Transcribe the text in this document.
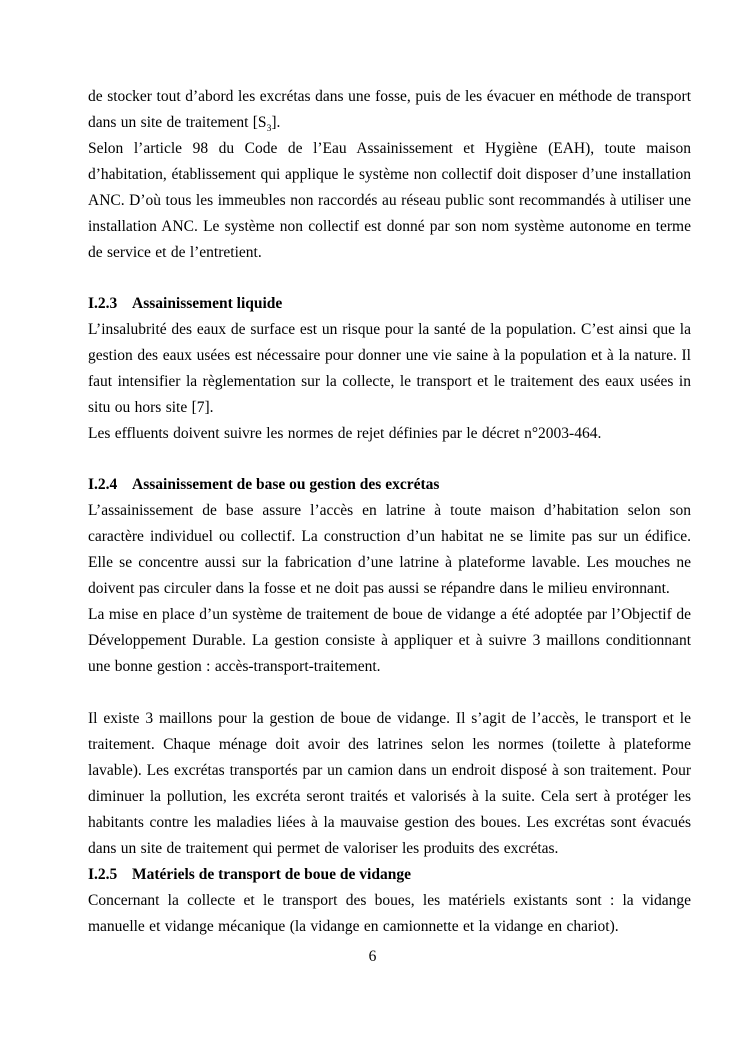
de stocker tout d’abord les excrétas dans une fosse, puis de les évacuer en méthode de transport dans un site de traitement $[S_3]$.

Selon l’article 98 du Code de l’Eau Assainissement et Hygiène (EAH), toute maison d’habitation, établissement qui applique le système non collectif doit disposer d’une installation ANC. D’où tous les immeubles non raccordés au réseau public sont recommandés à utiliser une installation ANC. Le système non collectif est donné par son nom système autonome en terme de service et de l’entretient.

I.2.3 Assainissement liquide

L’insalubrité des eaux de surface est un risque pour la santé de la population. C’est ainsi que la gestion des eaux usées est nécessaire pour donner une vie saine à la population et à la nature. Il faut intensifier la règlementation sur la collecte, le transport et le traitement des eaux usées in situ ou hors site [7].

Les effluents doivent suivre les normes de rejet définies par le décret n°2003-464.

I.2.4 Assainissement de base ou gestion des excrétas

L’assainissement de base assure l’accès en latrine à toute maison d’habitation selon son caractère individuel ou collectif. La construction d’un habitat ne se limite pas sur un édifice. Elle se concentre aussi sur la fabrication d’une latrine à plateforme lavable. Les mouches ne doivent pas circuler dans la fosse et ne doit pas aussi se répandre dans le milieu environnant.

La mise en place d’un système de traitement de boue de vidange a été adoptée par l’Objectif de Développement Durable. La gestion consiste à appliquer et à suivre 3 maillons conditionnant une bonne gestion : accès-transport-traitement.

Il existe 3 maillons pour la gestion de boue de vidange. Il s’agit de l’accès, le transport et le traitement. Chaque ménage doit avoir des latrines selon les normes (toilette à plateforme lavable). Les excrétas transportés par un camion dans un endroit disposé à son traitement. Pour diminuer la pollution, les excréta seront traités et valorisés à la suite. Cela sert à protéger les habitants contre les maladies liées à la mauvaise gestion des boues. Les excrétas sont évacués dans un site de traitement qui permet de valoriser les produits des excrétas.

I.2.5 Matériels de transport de boue de vidange

Concernant la collecte et le transport des boues, les matériels existants sont : la vidange manuelle et vidange mécanique (la vidange en camionnette et la vidange en chariot).

6
